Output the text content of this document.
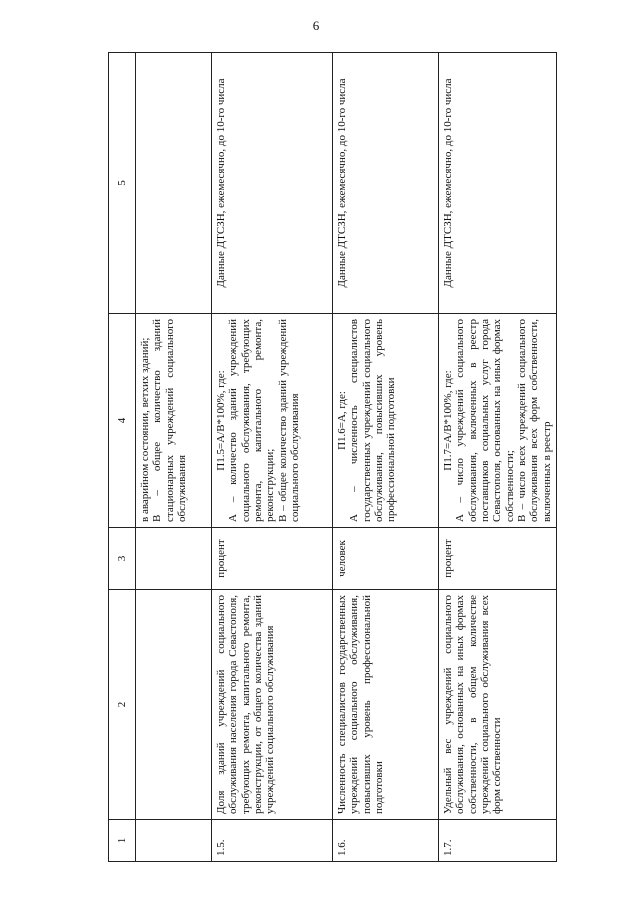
6
1	2	3	4	5

			в аварийном состоянии, ветхих зданий; В – общее количество зданий стационарных учреждений социального обслуживания	

1.5.	Доля зданий учреждений социального обслуживания населения города Севастополя, требующих ремонта, капитального ремонта, реконструкции, от общего количества зданий учреждений социального обслуживания	процент	П1.5=А/В*100%, где: А – количество зданий учреждений социального обслуживания, требующих ремонта, капитального ремонта, реконструкции; В – общее количество зданий учреждений социального обслуживания	Данные ДТСЗН, ежемесячно, до 10-го числа
1.6.	Численность специалистов государственных учреждений социального обслуживания, повысивших уровень профессиональной подготовки	человек	П1.6=А, где: А – численность специалистов государственных учреждений социального обслуживания, повысивших уровень профессиональной подготовки	Данные ДТСЗН, ежемесячно, до 10-го числа
1.7.	Удельный вес учреждений социального обслуживания, основанных на иных формах собственности, в общем количестве учреждений социального обслуживания всех форм собственности	процент	П1.7=А/В*100%, где: А – число учреждений социального обслуживания, включенных в реестр поставщиков социальных услуг города Севастополя, основанных на иных формах собственности; В – число всех учреждений социального обслуживания всех форм собственности, включенных в реестр	Данные ДТСЗН, ежемесячно, до 10-го числа
